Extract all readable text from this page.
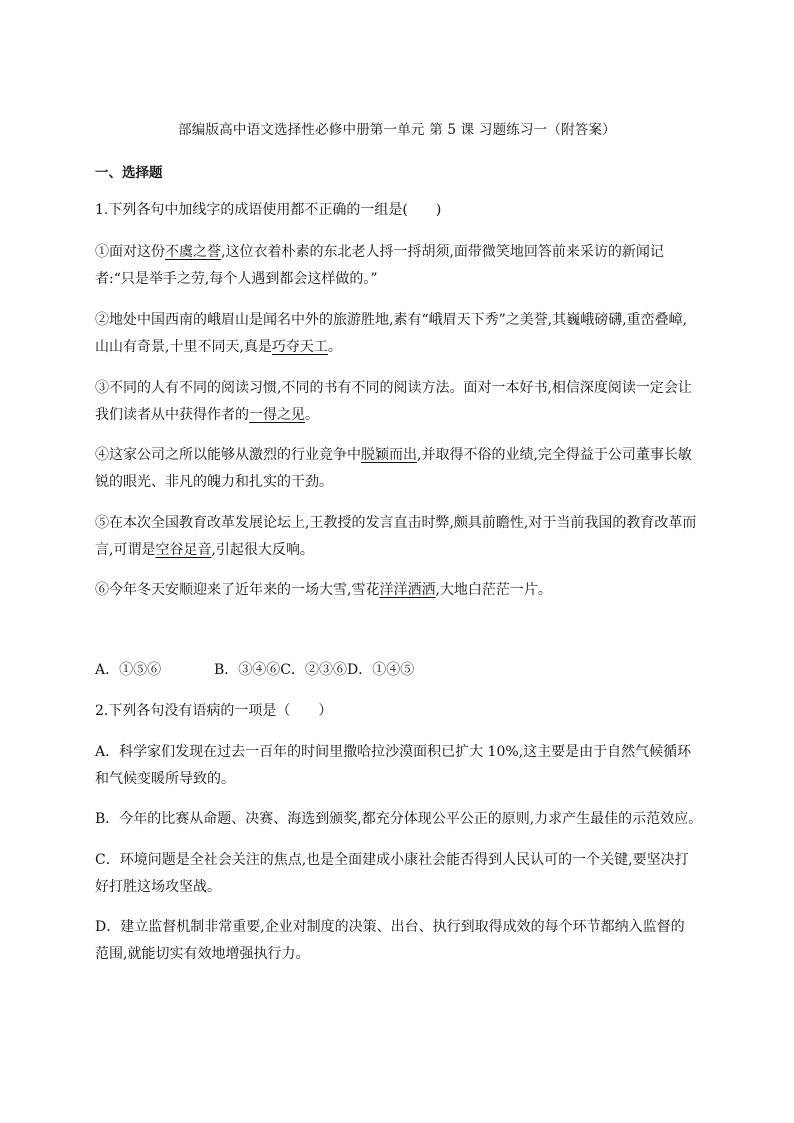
部编版高中语文选择性必修中册第一单元 第 5 课 习题练习一（附答案）
一、选择题
1.下列各句中加线字的成语使用都不正确的一组是(　　)
①面对这份不虞之誉,这位衣着朴素的东北老人捋一捋胡须,面带微笑地回答前来采访的新闻记
者:“只是举手之劳,每个人遇到都会这样做的。”
②地处中国西南的峨眉山是闻名中外的旅游胜地,素有“峨眉天下秀”之美誉,其巍峨磅礴,重峦叠嶂,
山山有奇景,十里不同天,真是巧夺天工。
③不同的人有不同的阅读习惯,不同的书有不同的阅读方法。面对一本好书,相信深度阅读一定会让
我们读者从中获得作者的一得之见。
④这家公司之所以能够从激烈的行业竞争中脱颖而出,并取得不俗的业绩,完全得益于公司董事长敏
锐的眼光、非凡的魄力和扎实的干劲。
⑤在本次全国教育改革发展论坛上,王教授的发言直击时弊,颇具前瞻性,对于当前我国的教育改革而
言,可谓是空谷足音,引起很大反响。
⑥今年冬天安顺迎来了近年来的一场大雪,雪花洋洋洒洒,大地白茫茫一片。
A．①⑤⑥	B．③④⑥C．②③⑥D．①④⑤
2.下列各句没有语病的一项是（　　）
A．科学家们发现在过去一百年的时间里撒哈拉沙漠面积已扩大 10%,这主要是由于自然气候循环
和气候变暖所导致的。
B．今年的比赛从命题、决赛、海选到颁奖,都充分体现公平公正的原则,力求产生最佳的示范效应。
C．环境问题是全社会关注的焦点,也是全面建成小康社会能否得到人民认可的一个关键,要坚决打
好打胜这场攻坚战。
D．建立监督机制非常重要,企业对制度的决策、出台、执行到取得成效的每个环节都纳入监督的
范围,就能切实有效地增强执行力。
